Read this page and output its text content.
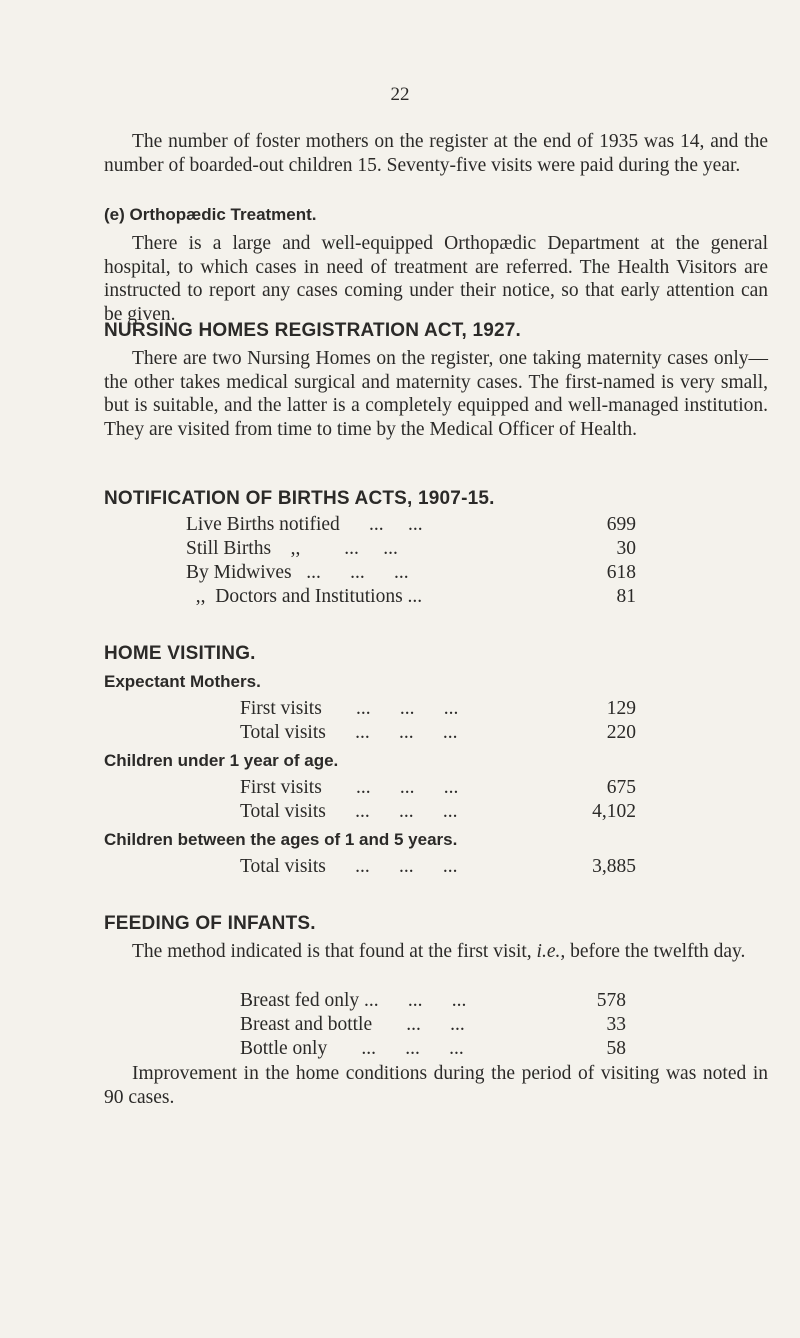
22
The number of foster mothers on the register at the end of 1935 was 14, and the number of boarded-out children 15. Seventy-five visits were paid during the year.
(e) Orthopædic Treatment.
There is a large and well-equipped Orthopædic Department at the general hospital, to which cases in need of treatment are referred. The Health Visitors are instructed to report any cases coming under their notice, so that early attention can be given.
NURSING HOMES REGISTRATION ACT, 1927.
There are two Nursing Homes on the register, one taking maternity cases only—the other takes medical surgical and maternity cases. The first-named is very small, but is suitable, and the latter is a completely equipped and well-managed institution. They are visited from time to time by the Medical Officer of Health.
NOTIFICATION OF BIRTHS ACTS, 1907-15.
Live Births notified      ...     ...	699
Still Births    ,,         ...     ...	30
By Midwives   ...      ...      ...	618
,,  Doctors and Institutions ...	81
HOME VISITING.
Expectant Mothers.
First visits       ...      ...      ...	129
Total visits      ...      ...      ...	220
Children under 1 year of age.
First visits       ...      ...      ...	675
Total visits      ...      ...      ...	4,102
Children between the ages of 1 and 5 years.
Total visits      ...      ...      ...	3,885
FEEDING OF INFANTS.
The method indicated is that found at the first visit, i.e., before the twelfth day.
Breast fed only ...      ...      ...	578
Breast and bottle       ...      ...	33
Bottle only       ...      ...      ...	58
Improvement in the home conditions during the period of visiting was noted in 90 cases.
